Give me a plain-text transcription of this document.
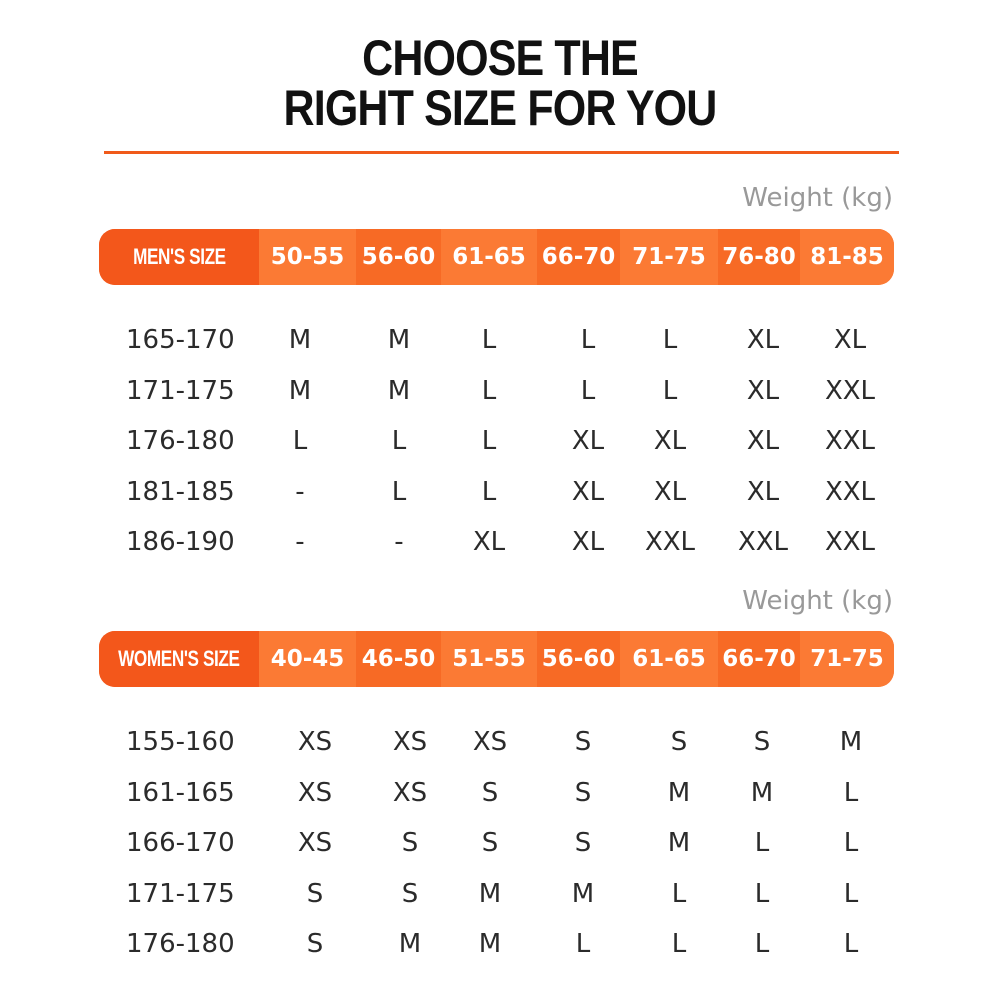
CHOOSE THE
RIGHT SIZE FOR YOU
Weight (kg)
MEN'S SIZE	50-55 56-60 61-65 66-70 71-75 76-80 81-85
165-170	M	M	L	L	L	XL	XL
171-175	M	M	L	L	L	XL	XXL
176-180	L	L	L	XL	XL	XL	XXL
181-185	-	L	L	XL	XL	XL	XXL
186-190	-	-	XL	XL	XXL	XXL	XXL
Weight (kg)
WOMEN'S SIZE	40-45 46-50 51-55 56-60 61-65 66-70 71-75
155-160	XS	XS	XS	S	S	S	M
161-165	XS	XS	S	S	M	M	L
166-170	XS	S	S	S	M	L	L
171-175	S	S	M	M	L	L	L
176-180	S	M	M	L	L	L	L
